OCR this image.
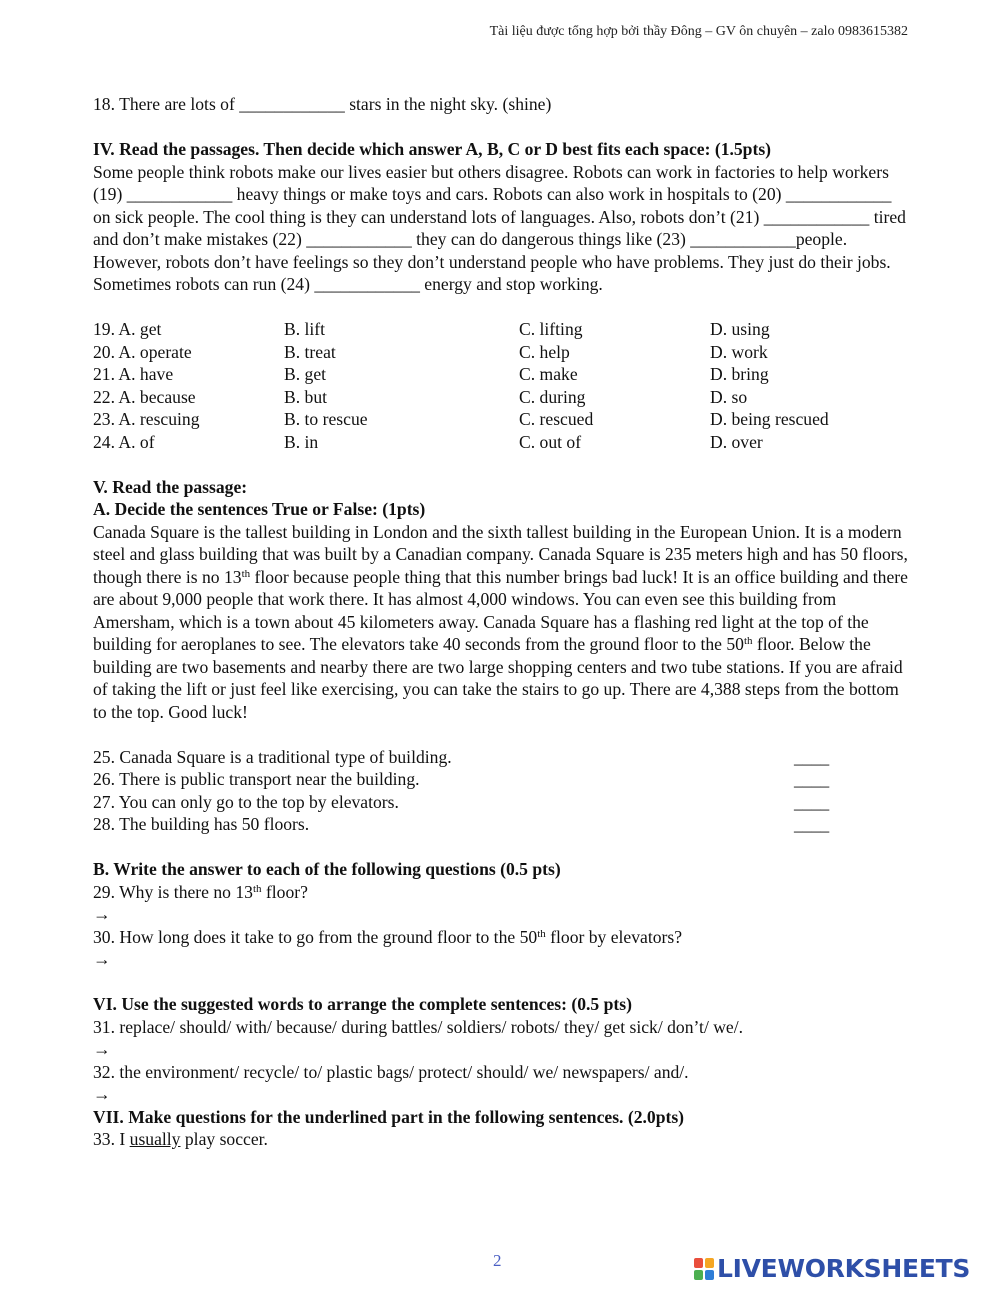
Tài liệu được tổng hợp bởi thầy Đông – GV ôn chuyên – zalo 0983615382

18. There are lots of ____________ stars in the night sky. (shine)

IV. Read the passages. Then decide which answer A, B, C or D best fits each space: (1.5pts)

Some people think robots make our lives easier but others disagree. Robots can work in factories to help workers (19) ____________ heavy things or make toys and cars. Robots can also work in hospitals to (20) ____________ on sick people. The cool thing is they can understand lots of languages. Also, robots don’t (21) ____________ tired and don’t make mistakes (22) ____________ they can do dangerous things like (23) ____________people. However, robots don’t have feelings so they don’t understand people who have problems. They just do their jobs. Sometimes robots can run (24) ____________ energy and stop working.

19. A. get	B. lift	C. lifting	D. using
20. A. operate	B. treat	C. help	D. work
21. A. have	B. get	C. make	D. bring
22. A. because	B. but	C. during	D. so
23. A. rescuing	B. to rescue	C. rescued	D. being rescued
24. A. of	B. in	C. out of	D. over

V. Read the passage:

A. Decide the sentences True or False: (1pts)

Canada Square is the tallest building in London and the sixth tallest building in the European Union. It is a modern steel and glass building that was built by a Canadian company. Canada Square is 235 meters high and has 50 floors, though there is no 13th floor because people thing that this number brings bad luck! It is an office building and there are about 9,000 people that work there. It has almost 4,000 windows. You can even see this building from Amersham, which is a town about 45 kilometers away. Canada Square has a flashing red light at the top of the building for aeroplanes to see. The elevators take 40 seconds from the ground floor to the 50th floor. Below the building are two basements and nearby there are two large shopping centers and two tube stations. If you are afraid of taking the lift or just feel like exercising, you can take the stairs to go up. There are 4,388 steps from the bottom to the top. Good luck!

25. Canada Square is a traditional type of building.	____
26. There is public transport near the building.	____
27. You can only go to the top by elevators.	____
28. The building has 50 floors.	____

B. Write the answer to each of the following questions (0.5 pts)

29. Why is there no 13th floor?

→

30. How long does it take to go from the ground floor to the 50th floor by elevators?

→

VI. Use the suggested words to arrange the complete sentences: (0.5 pts)

31. replace/ should/ with/ because/ during battles/ soldiers/ robots/ they/ get sick/ don’t/ we/.

→

32. the environment/ recycle/ to/ plastic bags/ protect/ should/ we/ newspapers/ and/.

→

VII. Make questions for the underlined part in the following sentences. (2.0pts)

33. I usually play soccer.

2	LIVEWORKSHEETS
